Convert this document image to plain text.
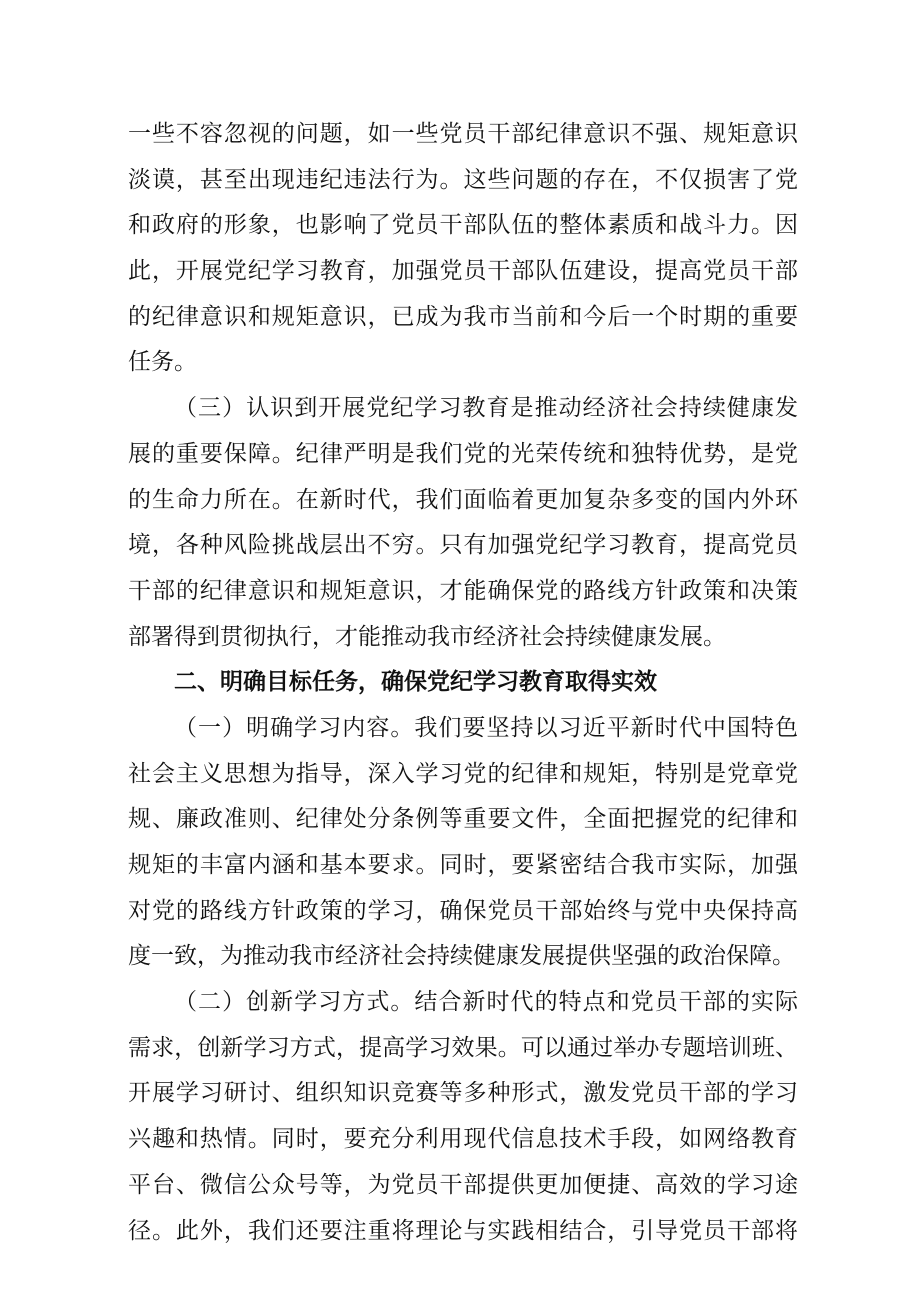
一些不容忽视的问题，如一些党员干部纪律意识不强、规矩意识
淡谟，甚至出现违纪违法行为。这些问题的存在，不仅损害了党
和政府的形象，也影响了党员干部队伍的整体素质和战斗力。因
此，开展党纪学习教育，加强党员干部队伍建设，提高党员干部
的纪律意识和规矩意识，已成为我市当前和今后一个时期的重要
任务。
（三）认识到开展党纪学习教育是推动经济社会持续健康发
展的重要保障。纪律严明是我们党的光荣传统和独特优势，是党
的生命力所在。在新时代，我们面临着更加复杂多变的国内外环
境，各种风险挑战层出不穷。只有加强党纪学习教育，提高党员
干部的纪律意识和规矩意识，才能确保党的路线方针政策和决策
部署得到贯彻执行，才能推动我市经济社会持续健康发展。
二、明确目标任务，确保党纪学习教育取得实效
（一）明确学习内容。我们要坚持以习近平新时代中国特色
社会主义思想为指导，深入学习党的纪律和规矩，特别是党章党
规、廉政准则、纪律处分条例等重要文件，全面把握党的纪律和
规矩的丰富内涵和基本要求。同时，要紧密结合我市实际，加强
对党的路线方针政策的学习，确保党员干部始终与党中央保持高
度一致，为推动我市经济社会持续健康发展提供坚强的政治保障。
（二）创新学习方式。结合新时代的特点和党员干部的实际
需求，创新学习方式，提高学习效果。可以通过举办专题培训班、
开展学习研讨、组织知识竞赛等多种形式，激发党员干部的学习
兴趣和热情。同时，要充分利用现代信息技术手段，如网络教育
平台、微信公众号等，为党员干部提供更加便捷、高效的学习途
径。此外，我们还要注重将理论与实践相结合，引导党员干部将
